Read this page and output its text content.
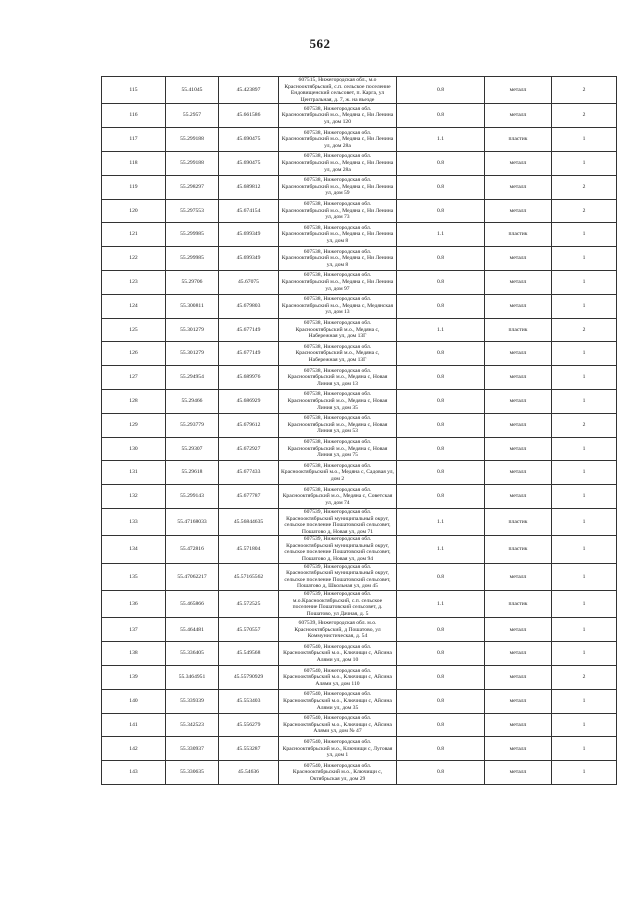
562
115	55.41045	45.423897	607515, Нижегородская обл., м.о Краснооктябрьский, с.п. сельское поселение Ендовищенский сельсовет, п. Карга, ул Центральная, д. 7, ж. на въезде	0.8	металл	2
116	55.2957	45.661586	607538, Нижегородская обл. Краснооктябрьский м.о., Медяна с, Ни Ленина ул, дом 120	0.8	металл	2
117	55.299188	45.690475	607538, Нижегородская обл. Краснооктябрьский м.о., Медяна с, Ни Ленина ул, дом 28а	1.1	пластик	1
118	55.299188	45.690475	607538, Нижегородская обл. Краснооктябрьский м.о., Медяна с, Ни Ленина ул, дом 28а	0.8	металл	1
119	55.298297	45.689812	607538, Нижегородская обл. Краснооктябрьский м.о., Медяна с, Ни Ленина ул, дом 59	0.8	металл	2
120	55.297553	45.674154	607538, Нижегородская обл. Краснооктябрьский м.о., Медяна с, Ни Ленина ул, дом 73	0.8	металл	2
121	55.299985	45.699349	607538, Нижегородская обл. Краснооктябрьский м.о., Медяна с, Ни Ленина ул, дом 8	1.1	пластик	1
122	55.299985	45.699349	607538, Нижегородская обл. Краснооктябрьский м.о., Медяна с, Ни Ленина ул, дом 8	0.8	металл	1
123	55.29706	45.67075	607538, Нижегородская обл. Краснооктябрьский м.о., Медяна с, Ни Ленина ул, дом 97	0.8	металл	1
124	55.300811	45.679803	607538, Нижегородская обл. Краснооктябрьский м.о., Медяна с, Медянская ул, дом 13	0.8	металл	1
125	55.301279	45.677149	607538, Нижегородская обл. Краснооктябрьский м.о., Медяна с, Набережная ул, дом 13Г	1.1	пластик	2
126	55.301279	45.677149	607538, Нижегородская обл. Краснооктябрьский м.о., Медяна с, Набережная ул, дом 13Г	0.8	металл	1
127	55.294954	45.689976	607538, Нижегородская обл. Краснооктябрьский м.о., Медяна с, Новая Линия ул, дом 13	0.8	металл	1
128	55.29466	45.686929	607538, Нижегородская обл. Краснооктябрьский м.о., Медяна с, Новая Линия ул, дом 35	0.8	металл	1
129	55.293779	45.679612	607538, Нижегородская обл. Краснооктябрьский м.о., Медяна с, Новая Линия ул, дом 53	0.8	металл	2
130	55.29307	45.672927	607538, Нижегородская обл. Краснооктябрьский м.о., Медяна с, Новая Линия ул, дом 75	0.8	металл	1
131	55.29618	45.677433	607538, Нижегородская обл. Краснооктябрьский м.о., Медяна с, Садовая ул, дом 2	0.8	металл	1
132	55.299143	45.677787	607538, Нижегородская обл. Краснооктябрьский м.о., Медяна с, Советская ул, дом 74	0.8	металл	1
133	55.47168033	45.56844635	607539, Нижегородская обл. Краснооктябрьский муниципальный округ, сельское поселение Пошатовский сельсовет, Пошатово д, Новая ул, дом 71	1.1	пластик	1
134	55.472816	45.571804	607539, Нижегородская обл. Краснооктябрьский муниципальный округ, сельское поселение Пошатовский сельсовет, Пошатово д, Новая ул, дом 94	1.1	пластик	1
135	55.47062217	45.57165562	607539, Нижегородская обл. Краснооктябрьский муниципальный округ, сельское поселение Пошатовский сельсовет, Пошатово д, Школьная ул, дом 45	0.8	металл	1
136	55.465866	45.572525	607539, Нижегородская обл. м.о.Краснооктябрьский, с.п. сельское поселение Пошатовский сельсовет, д. Пошатово, ул Дачная, д. 5	1.1	пластик	1
137	55.464481	45.570557	607539, Нижегородская обл. м.о. Краснооктябрьский, д Пошатово, ул Коммунистическая, д. 54	0.8	металл	1
138	55.336405	45.549568	607540, Нижегородская обл. Краснооктябрьский м.о., Ключищи с, Айсина Алями ул, дом 10	0.8	металл	1
139	55.3464951	45.55790929	607540, Нижегородская обл. Краснооктябрьский м.о., Ключищи с, Айсина Алями ул, дом 110	0.8	металл	2
140	55.339339	45.553403	607540, Нижегородская обл. Краснооктябрьский м.о., Ключищи с, Айсина Алями ул, дом 35	0.8	металл	1
141	55.342523	45.556279	607540, Нижегородская обл. Краснооктябрьский м.о., Ключищи с, Айсина Алями ул, дом № 47	0.8	металл	1
142	55.330937	45.553287	607540, Нижегородская обл. Краснооктябрьский м.о., Ключищи с, Луговая ул, дом 1	0.8	металл	1
143	55.330635	45.54636	607540, Нижегородская обл. Краснооктябрьский м.о., Ключищи с, Октябрьская ул, дом 29	0.8	металл	1
